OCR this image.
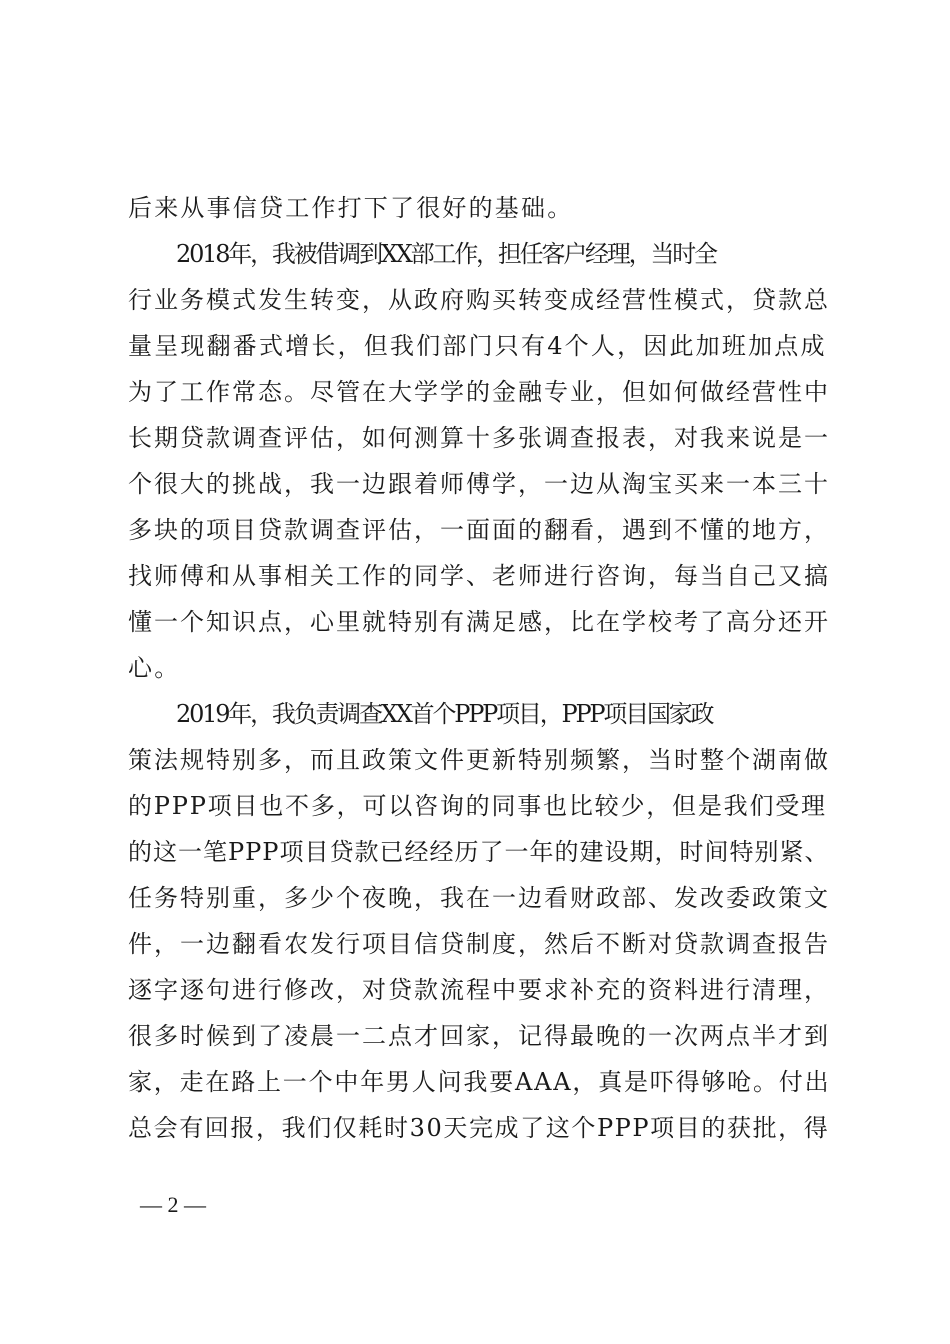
后来从事信贷工作打下了很好的基础。
2018年，我被借调到XX部工作，担任客户经理，当时全
行业务模式发生转变，从政府购买转变成经营性模式，贷款总
量呈现翻番式增长，但我们部门只有4个人，因此加班加点成
为了工作常态。尽管在大学学的金融专业，但如何做经营性中
长期贷款调查评估，如何测算十多张调查报表，对我来说是一
个很大的挑战，我一边跟着师傅学，一边从淘宝买来一本三十
多块的项目贷款调查评估，一面面的翻看，遇到不懂的地方，
找师傅和从事相关工作的同学、老师进行咨询，每当自己又搞
懂一个知识点，心里就特别有满足感，比在学校考了高分还开
心。
2019年，我负责调查XX首个PPP项目，PPP项目国家政
策法规特别多，而且政策文件更新特别频繁，当时整个湖南做
的PPP项目也不多，可以咨询的同事也比较少，但是我们受理
的这一笔PPP项目贷款已经经历了一年的建设期，时间特别紧、
任务特别重，多少个夜晚，我在一边看财政部、发改委政策文
件，一边翻看农发行项目信贷制度，然后不断对贷款调查报告
逐字逐句进行修改，对贷款流程中要求补充的资料进行清理，
很多时候到了凌晨一二点才回家，记得最晚的一次两点半才到
家，走在路上一个中年男人问我要AAA，真是吓得够呛。付出
总会有回报，我们仅耗时30天完成了这个PPP项目的获批，得
— 2 —
